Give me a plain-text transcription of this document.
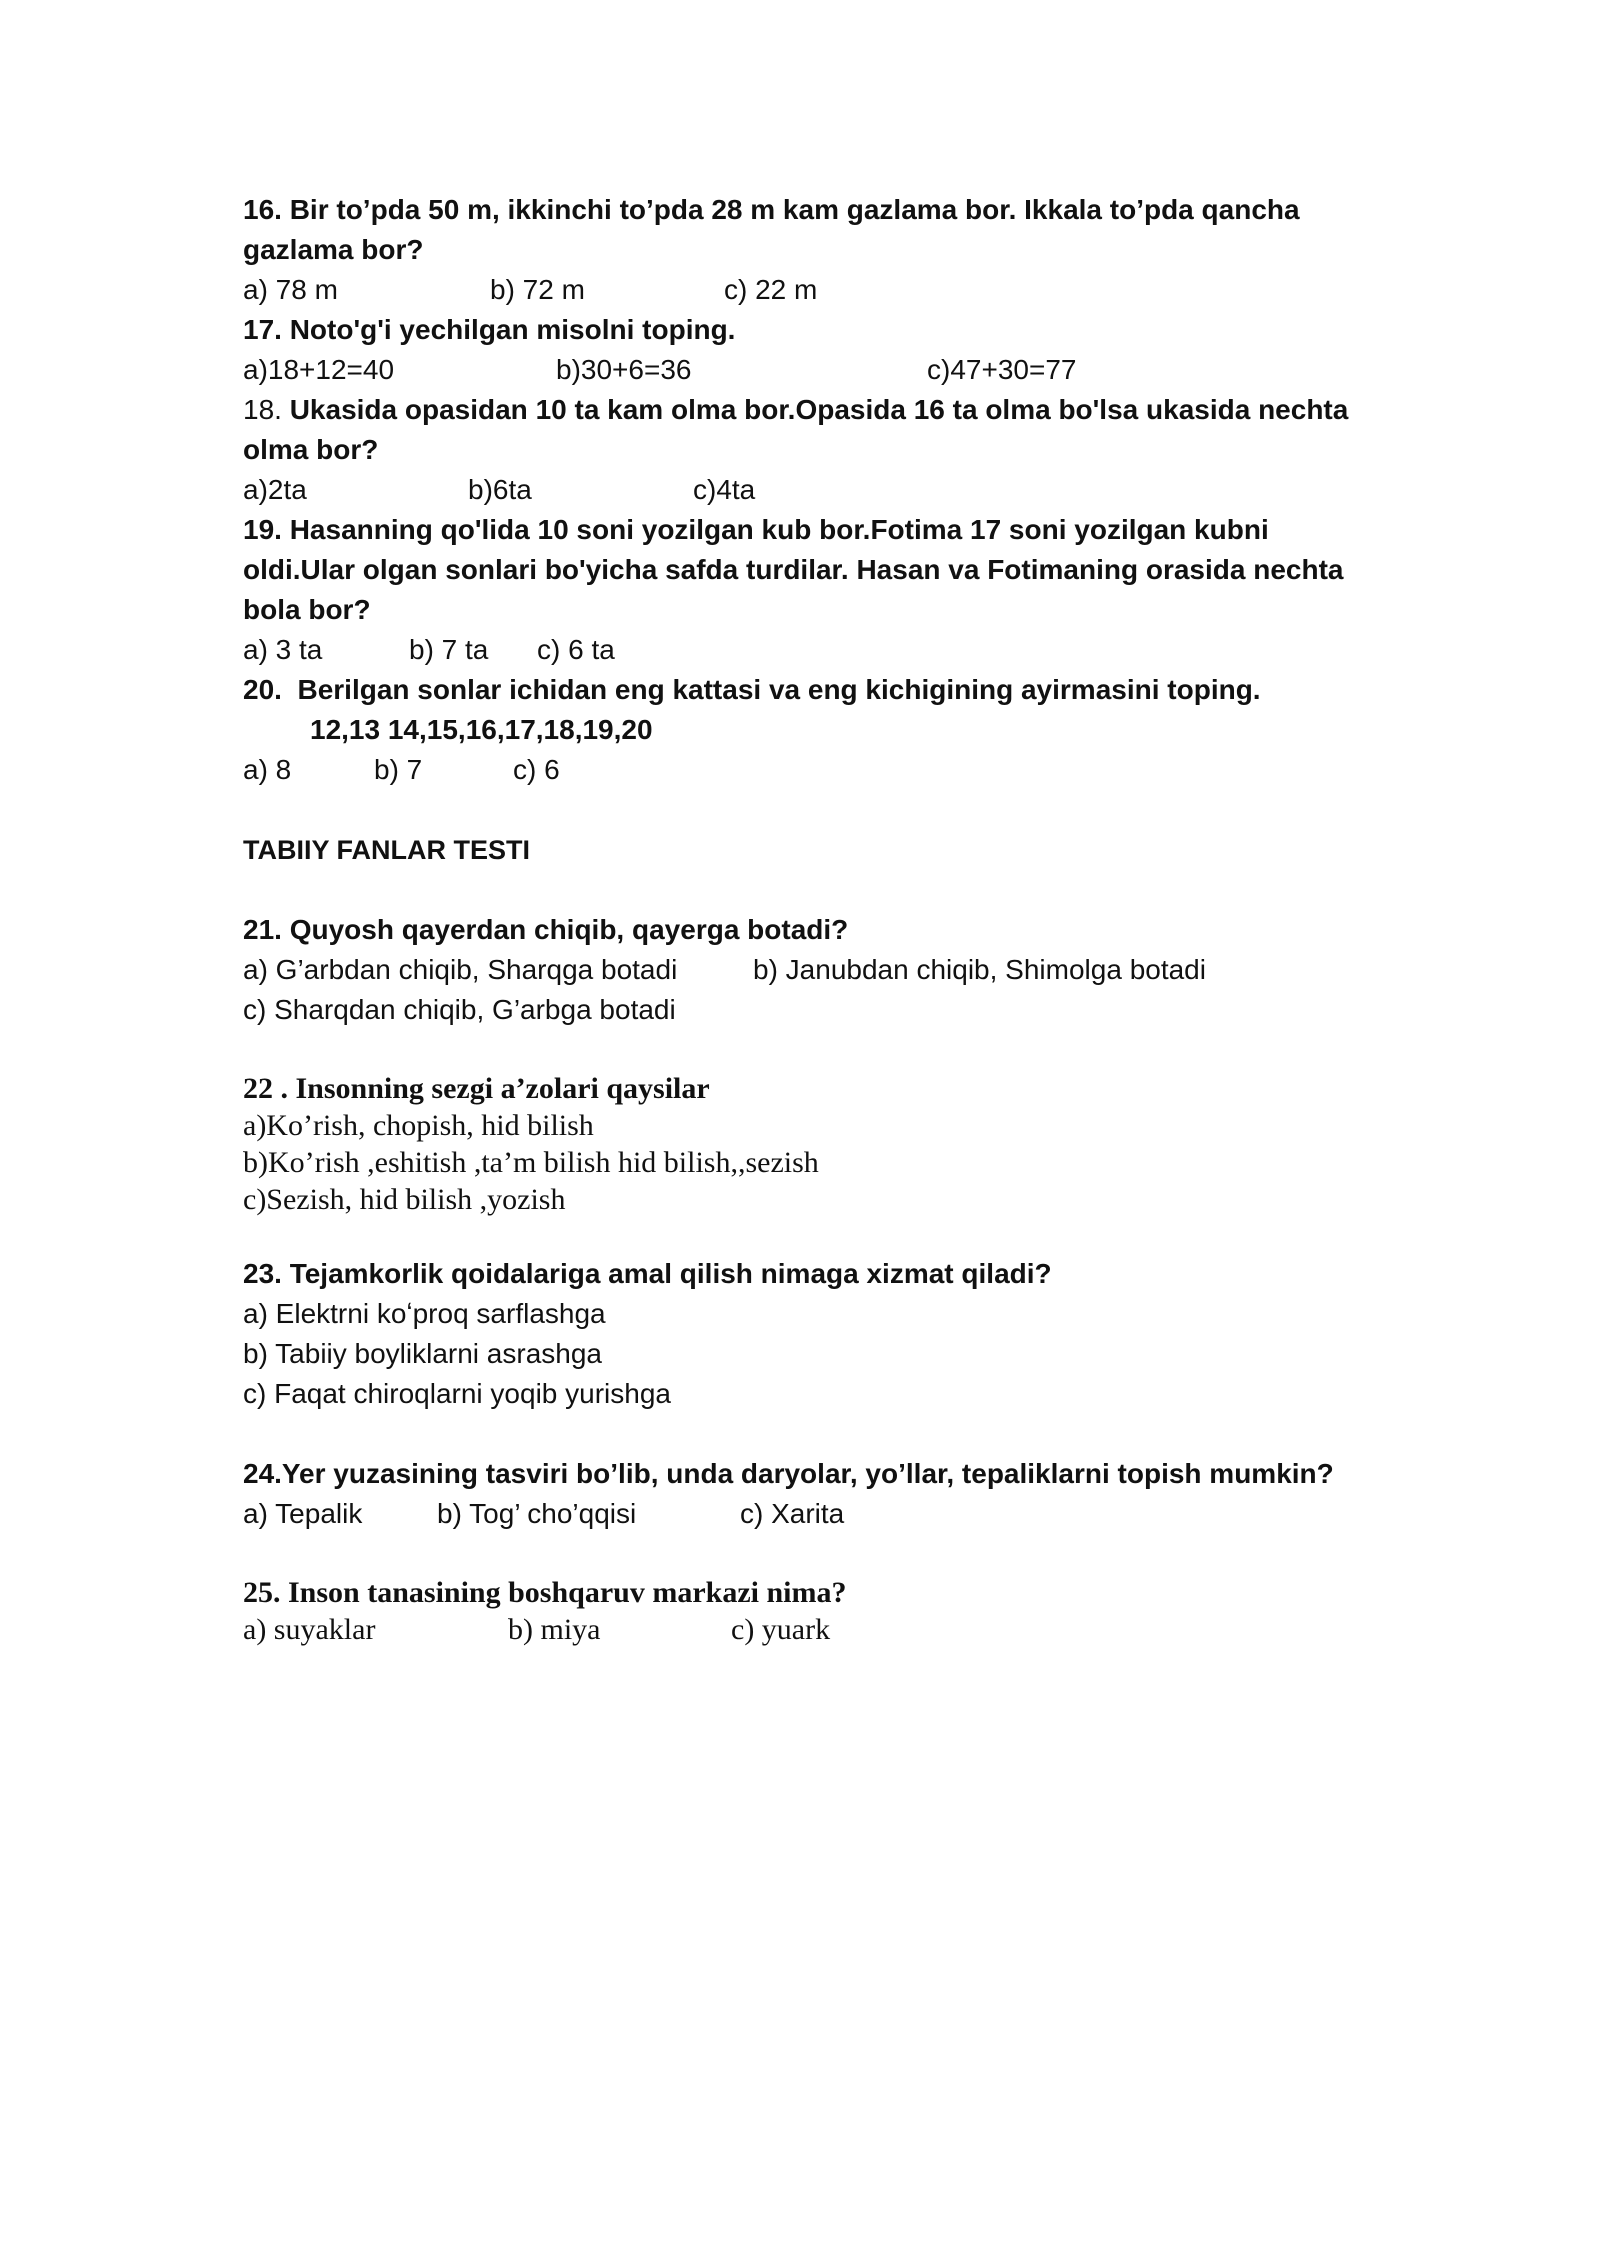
16. Bir to’pda 50 m, ikkinchi to’pda 28 m kam gazlama bor. Ikkala to’pda qancha
gazlama bor?
a) 78 m	b) 72 m	c) 22 m
17. Noto'g'i yechilgan misolni toping.
a)18+12=40	b)30+6=36	c)47+30=77
18. Ukasida opasidan 10 ta kam olma bor.Opasida 16 ta olma bo'lsa ukasida nechta
olma bor?
a)2ta	b)6ta	c)4ta
19. Hasanning qo'lida 10 soni yozilgan kub bor.Fotima 17 soni yozilgan kubni
oldi.Ular olgan sonlari bo'yicha safda turdilar. Hasan va Fotimaning orasida nechta
bola bor?
a) 3 ta	b) 7 ta c) 6 ta
20.  Berilgan sonlar ichidan eng kattasi va eng kichigining ayirmasini toping.
12,13 14,15,16,17,18,19,20
a) 8	b) 7	c) 6
TABIIY FANLAR TESTI
21. Quyosh qayerdan chiqib, qayerga botadi?
a) G’arbdan chiqib, Sharqga botadi	b) Janubdan chiqib, Shimolga botadi
c) Sharqdan chiqib, G’arbga botadi
22 . Insonning sezgi a’zolari qaysilar
a)Ko’rish, chopish, hid bilish
b)Ko’rish ,eshitish ,ta’m bilish hid bilish,,sezish
c)Sezish, hid bilish ,yozish
23. Tejamkorlik qoidalariga amal qilish nimaga xizmat qiladi?
a) Elektrni koʻproq sarflashga
b) Tabiiy boyliklarni asrashga
c) Faqat chiroqlarni yoqib yurishga
24.Yer yuzasining tasviri bo’lib, unda daryolar, yo’llar, tepaliklarni topish mumkin?
a) Tepalik	b) Tog’ cho’qqisi	c) Xarita
25. Inson tanasining boshqaruv markazi nima?
a) suyaklar	b) miya	c) yuark
